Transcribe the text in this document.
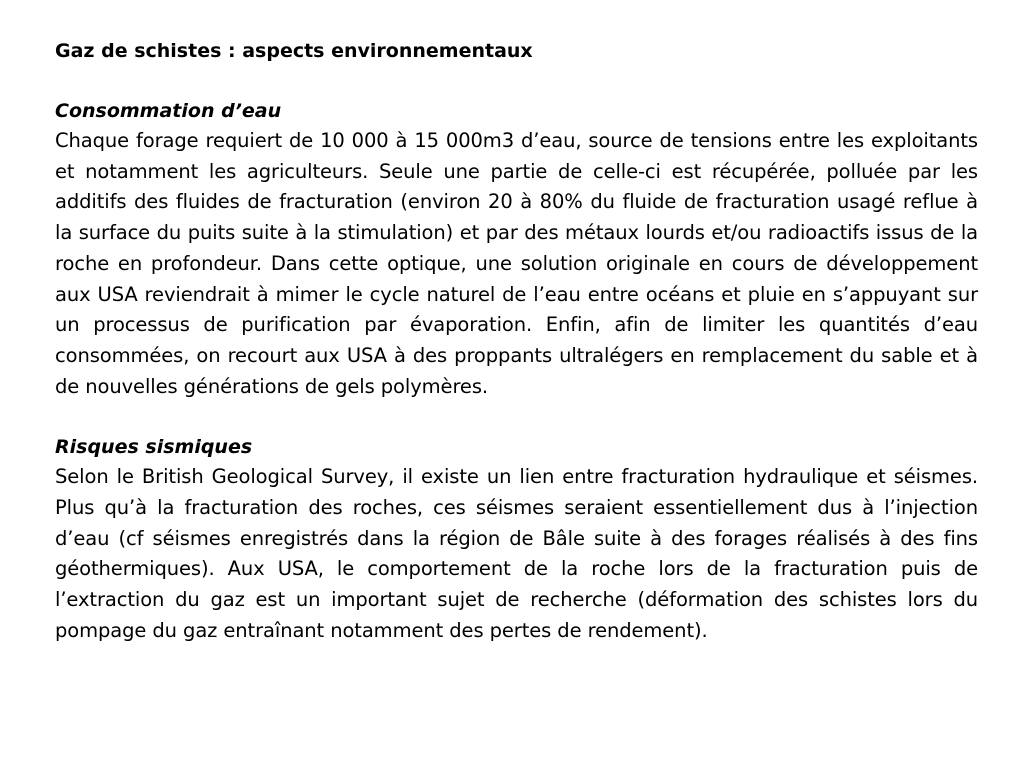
Gaz de schistes : aspects environnementaux
Consommation d’eau

Chaque forage requiert de 10 000 à 15 000m3 d’eau, source de tensions entre les exploitants et notamment les agriculteurs. Seule une partie de celle-ci est récupérée, polluée par les additifs des fluides de fracturation (environ 20 à 80% du fluide de fracturation usagé reflue à la surface du puits suite à la stimulation) et par des métaux lourds et/ou radioactifs issus de la roche en profondeur. Dans cette optique, une solution originale en cours de développement aux USA reviendrait à mimer le cycle naturel de l’eau entre océans et pluie en s’appuyant sur un processus de purification par évaporation. Enfin, afin de limiter les quantités d’eau consommées, on recourt aux USA à des proppants ultralégers en remplacement du sable et à de nouvelles générations de gels polymères.

Risques sismiques

Selon le British Geological Survey, il existe un lien entre fracturation hydraulique et séismes. Plus qu’à la fracturation des roches, ces séismes seraient essentiellement dus à l’injection d’eau (cf séismes enregistrés dans la région de Bâle suite à des forages réalisés à des fins géothermiques). Aux USA, le comportement de la roche lors de la fracturation puis de l’extraction du gaz est un important sujet de recherche (déformation des schistes lors du pompage du gaz entraînant notamment des pertes de rendement).
